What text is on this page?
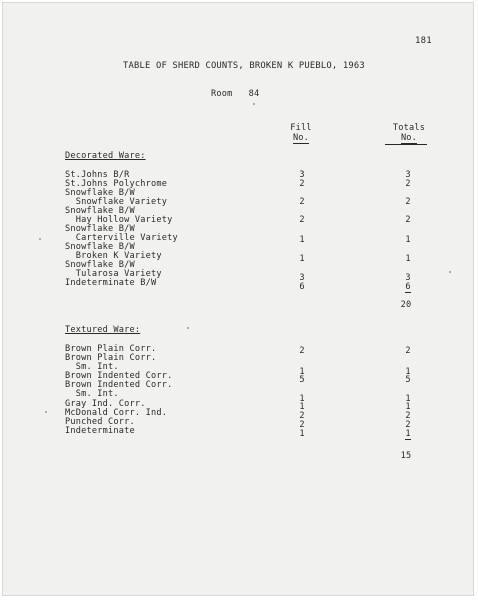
181
TABLE OF SHERD COUNTS, BROKEN K PUEBLO, 1963
Room   84
Fill
No.
Totals
No.
Decorated Ware:
St.Johns B/R
St.Johns Polychrome
Snowflake B/W
Snowflake Variety
Snowflake B/W
Hay Hollow Variety
Snowflake B/W
Carterville Variety
Snowflake B/W
Broken K Variety
Snowflake B/W
Tularosa Variety
Indeterminate B/W
3
2
2
2
1
1
3
6
3
2
2
2
1
1
3
6
20
Textured Ware:
Brown Plain Corr.
Brown Plain Corr.
Sm. Int.
Brown Indented Corr.
Brown Indented Corr.
Sm. Int.
Gray Ind. Corr.
McDonald Corr. Ind.
Punched Corr.
Indeterminate
2
1
5
1
1
2
2
1
2
1
5
1
1
2
2
1
15
